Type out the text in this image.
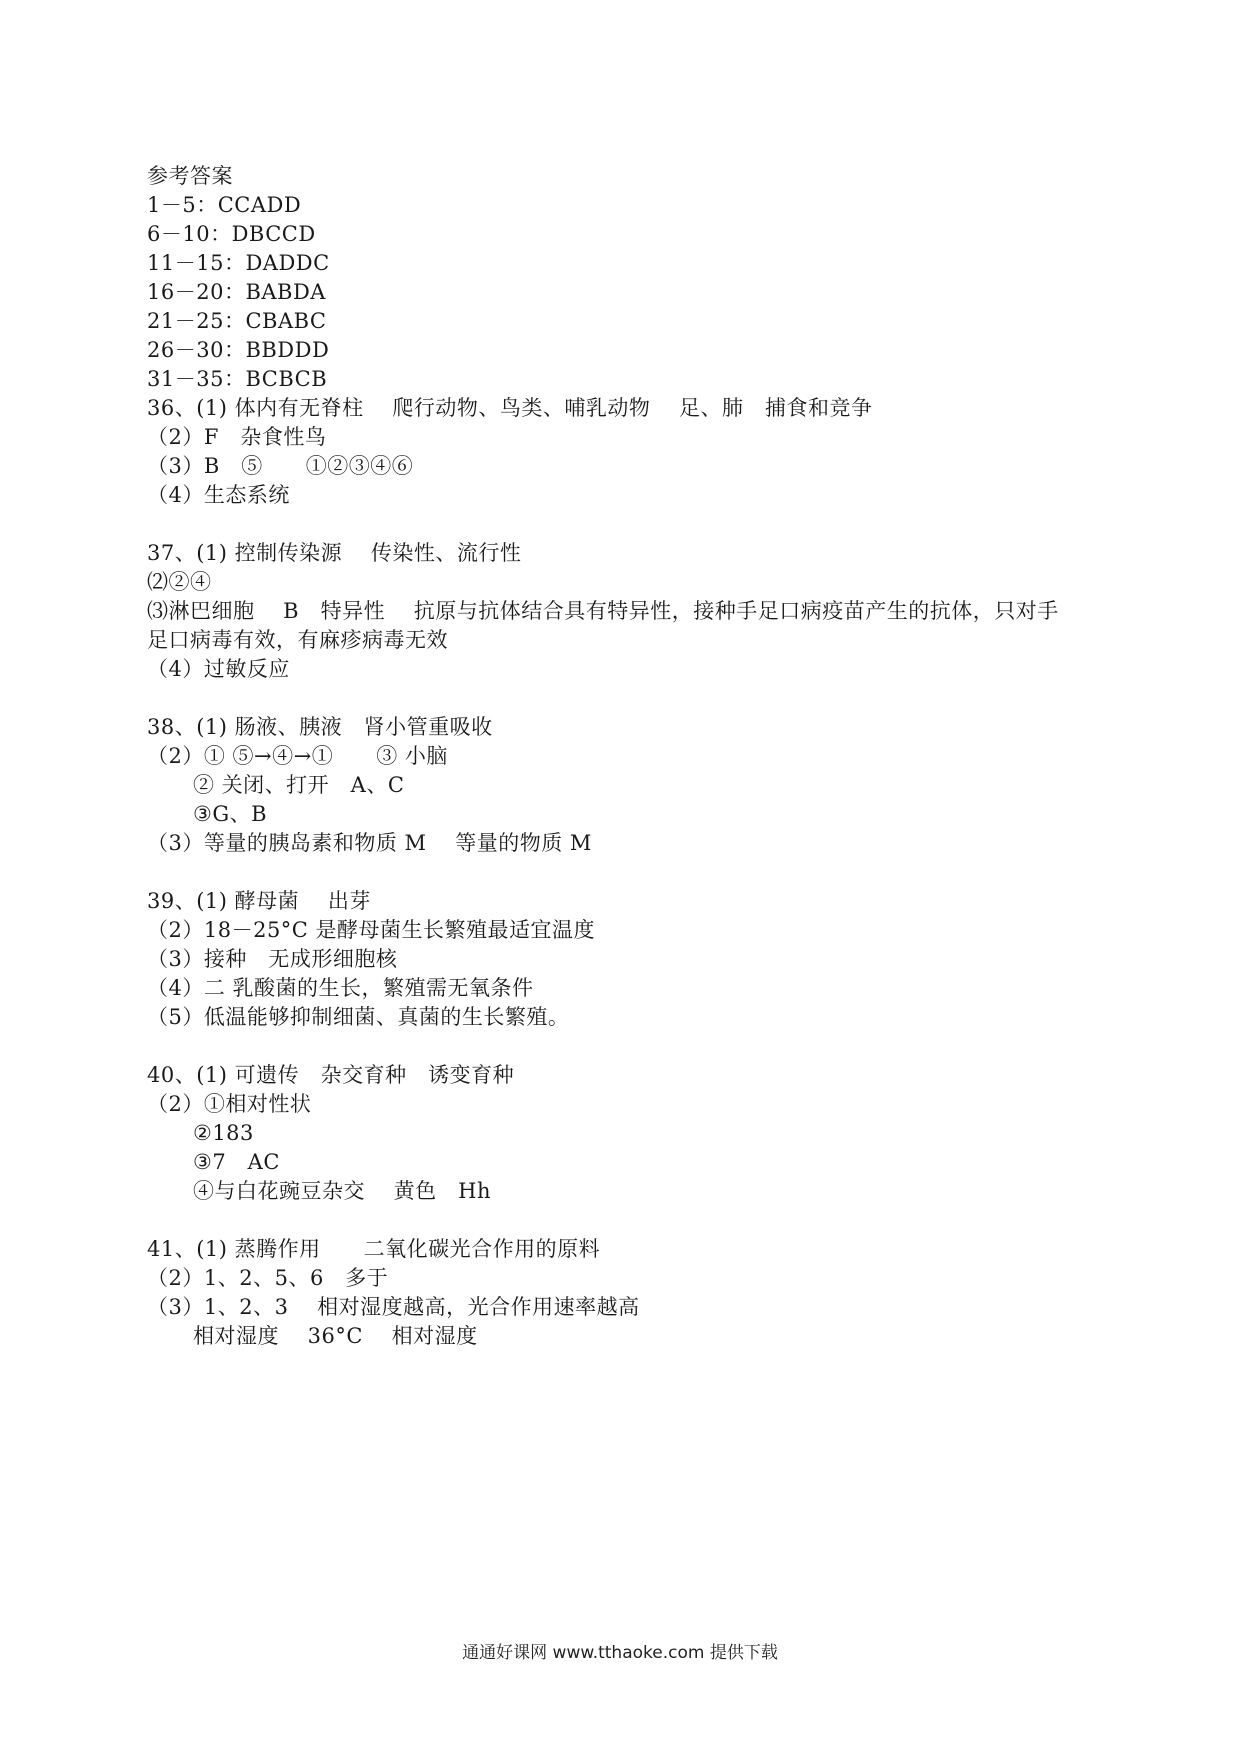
参考答案
1－5：CCADD
6－10：DBCCD
11－15：DADDC
16－20：BABDA
21－25：CBABC
26－30：BBDDD
31－35：BCBCB
36、(1) 体内有无脊柱　 爬行动物、鸟类、哺乳动物　 足、肺　捕食和竞争
（2）F　杂食性鸟
（3）B　⑤　　①②③④⑥
（4）生态系统
37、(1) 控制传染源　 传染性、流行性
⑵②④
⑶淋巴细胞　 B　特异性　 抗原与抗体结合具有特异性，接种手足口病疫苗产生的抗体，只对手
足口病毒有效，有麻疹病毒无效
（4）过敏反应
38、(1) 肠液、胰液　肾小管重吸收
（2）① ⑤→④→①　　③ 小脑
② 关闭、打开　A、C
③G、B
（3）等量的胰岛素和物质 M　 等量的物质 M
39、(1) 酵母菌　 出芽
（2）18－25°C 是酵母菌生长繁殖最适宜温度
（3）接种　无成形细胞核
（4）二 乳酸菌的生长，繁殖需无氧条件
（5）低温能够抑制细菌、真菌的生长繁殖。
40、(1) 可遗传　杂交育种　诱变育种
（2）①相对性状
②183
③7　AC
④与白花豌豆杂交　 黄色　Hh
41、(1) 蒸腾作用　　二氧化碳光合作用的原料
（2）1、2、5、6　多于
（3）1、2、3　 相对湿度越高，光合作用速率越高
相对湿度　 36°C　 相对湿度
通通好课网 www.tthaoke.com 提供下载
